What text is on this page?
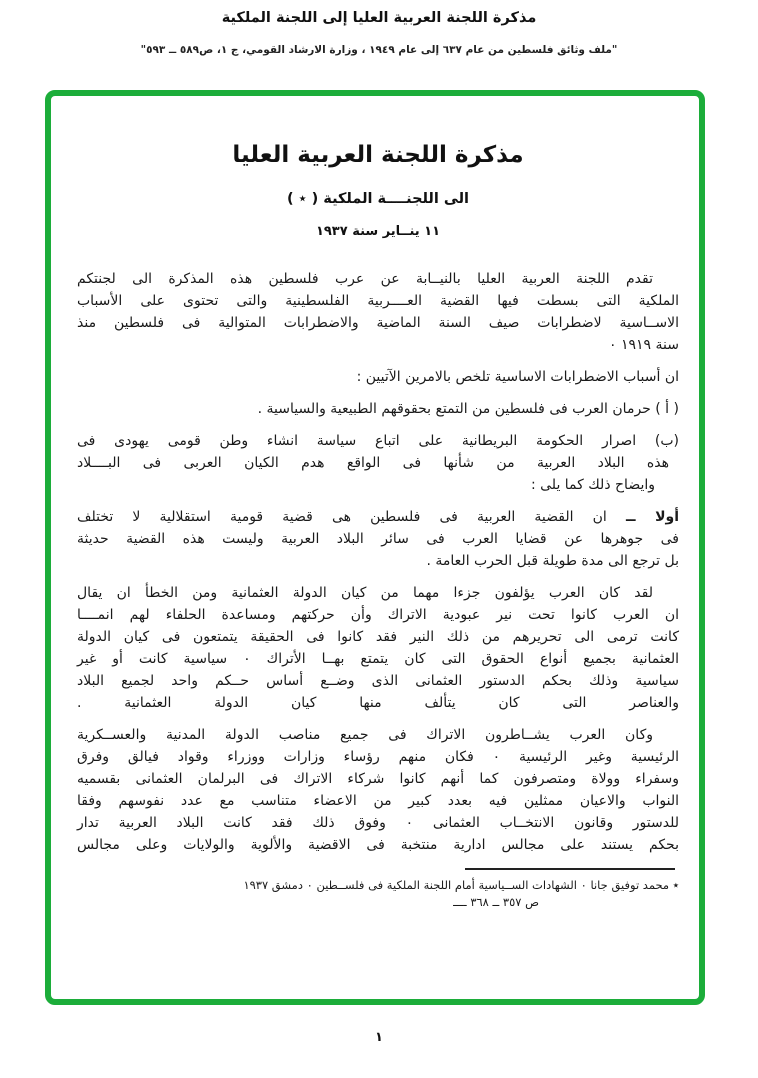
مذكرة اللجنة العربية العليا إلى اللجنة الملكية
"ملف وثائق فلسطين من عام ٦٣٧ إلى عام ١٩٤٩ ، وزارة الارشاد القومي، ج ١، ص٥٨٩ ــ ٥٩٣"
مذكرة اللجنة العربية العليا
الى اللجنــــة الملكية ( ٭ )
١١ ينــاير سنة ١٩٣٧
تقدم اللجنة العربية العليا بالنيــابة عن عرب فلسطين هذه المذكرة الى لجنتكم
الملكية التى بسطت فيها القضية العــــربية الفلسطينية والتى تحتوى على الأسباب
الاســاسية لاضطرابات صيف السنة الماضية والاضطرابات المتوالية فى فلسطين منذ
سنة ١٩١٩ ٠
ان أسباب الاضطرابات الاساسية تلخص بالامرين الآتيين :
( أ ) حرمان العرب فى فلسطين من التمتع بحقوقهم الطبيعية والسياسية .
(ب) اصرار الحكومة البريطانية على اتباع سياسة انشاء وطن قومى يهودى فى
هذه البلاد العربية من شأنها فى الواقع هدم الكيان العربى فى البــــلاد
وايضاح ذلك كما يلى :
أولا ــ ان القضية العربية فى فلسطين هى قضية قومية استقلالية لا تختلف
فى جوهرها عن قضايا العرب فى سائر البلاد العربية وليست هذه القضية حديثة
بل ترجع الى مدة طويلة قبل الحرب العامة .
لقد كان العرب يؤلفون جزءا مهما من كيان الدولة العثمانية ومن الخطأ ان يقال
ان العرب كانوا تحت نير عبودية الاتراك وأن حركتهم ومساعدة الحلفاء لهم انمــــا
كانت ترمى الى تحريرهم من ذلك النير فقد كانوا فى الحقيقة يتمتعون فى كيان الدولة
العثمانية بجميع أنواع الحقوق التى كان يتمتع بهــا الأتراك ٠ سياسية كانت أو غير
سياسية وذلك بحكم الدستور العثمانى الذى وضــع أساس حــكم واحد لجميع البلاد
والعناصر التى كان يتألف منها كيان الدولة العثمانية .
وكان العرب يشــاطرون الاتراك فى جميع مناصب الدولة المدنية والعســكرية
الرئيسية وغير الرئيسية ٠ فكان منهم رؤساء وزارات ووزراء وقواد فيالق وفرق
وسفراء وولاة ومتصرفون كما أنهم كانوا شركاء الاتراك فى البرلمان العثمانى بقسميه
النواب والاعيان ممثلين فيه بعدد كبير من الاعضاء متناسب مع عدد نفوسهم وفقا
للدستور وقانون الانتخــاب العثمانى ٠ وفوق ذلك فقد كانت البلاد العربية تدار
بحكم يستند على مجالس ادارية منتخبة فى الاقضية والألوية والولايات وعلى مجالس
٭ محمد توفيق جانا ٠ الشهادات الســياسية أمام اللجنة الملكية فى فلســطين ٠ دمشق ١٩٣٧
ص ٣٥٧ ــ ٣٦٨ ــــ
١
